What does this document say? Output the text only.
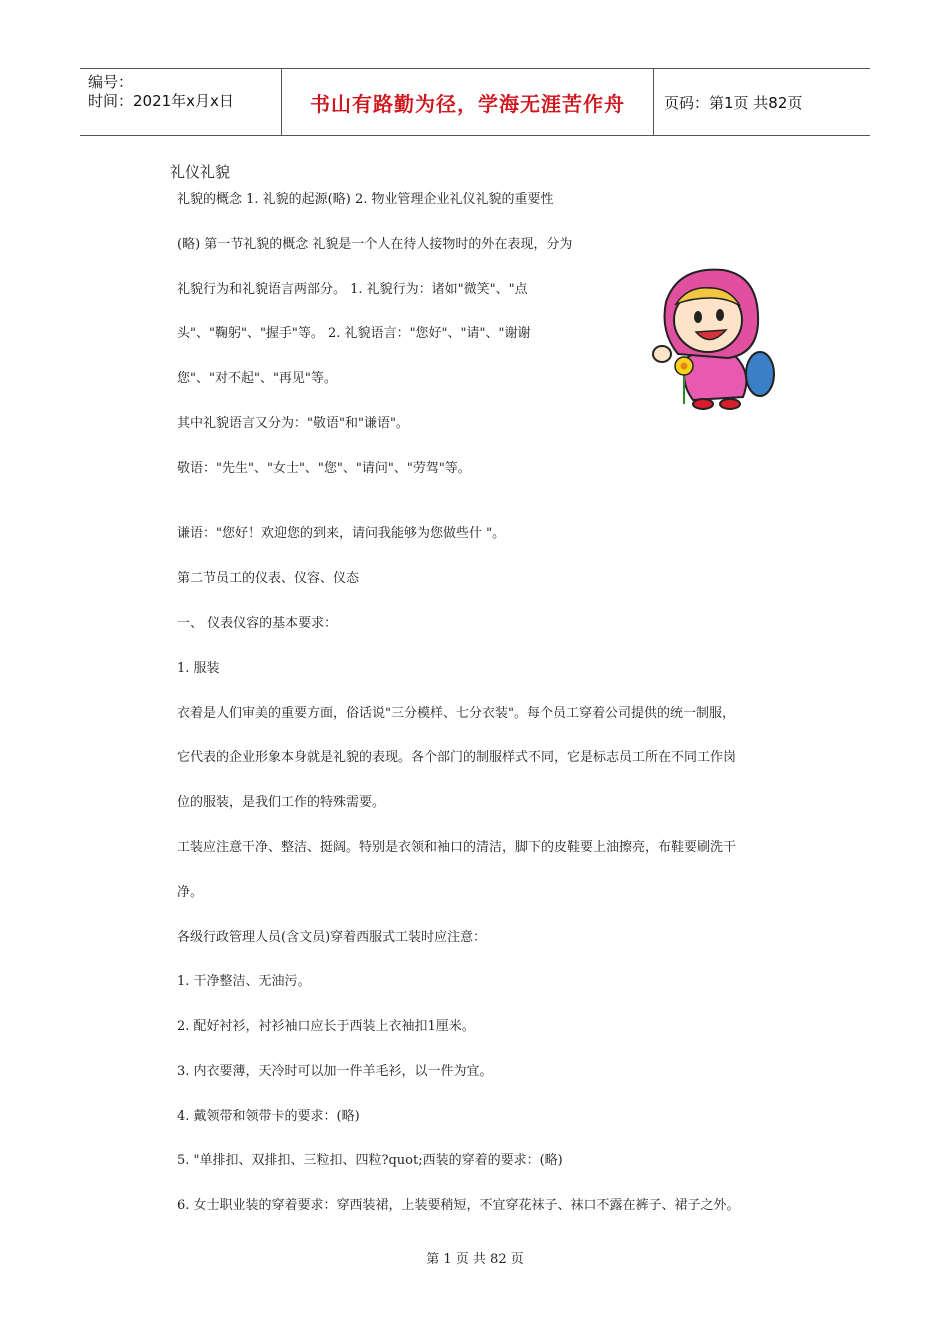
编号：
时间：2021年x月x日	书山有路勤为径，学海无涯苦作舟	页码：第1页 共82页
礼仪礼貌
礼貌的概念 1. 礼貌的起源(略) 2. 物业管理企业礼仪礼貌的重要性
(略) 第一节礼貌的概念 礼貌是一个人在待人接物时的外在表现，分为
礼貌行为和礼貌语言两部分。 1. 礼貌行为：诸如"微笑"、"点
头"、"鞠躬"、"握手"等。 2. 礼貌语言："您好"、"请"、"谢谢
您"、"对不起"、"再见"等。
其中礼貌语言又分为："敬语"和"谦语"。
敬语："先生"、"女士"、"您"、"请问"、"劳驾"等。
谦语："您好！欢迎您的到来，请问我能够为您做些什 "。
第二节员工的仪表、仪容、仪态
一、 仪表仪容的基本要求：
1. 服装
衣着是人们审美的重要方面，俗话说"三分模样、七分衣装"。每个员工穿着公司提供的统一制服，
它代表的企业形象本身就是礼貌的表现。各个部门的制服样式不同，它是标志员工所在不同工作岗
位的服装，是我们工作的特殊需要。
工装应注意干净、整洁、挺阔。特别是衣领和袖口的清洁，脚下的皮鞋要上油擦亮，布鞋要刷洗干
净。
各级行政管理人员(含文员)穿着西服式工装时应注意：
1. 干净整洁、无油污。
2. 配好衬衫，衬衫袖口应长于西装上衣袖扣1厘米。
3. 内衣要薄，天冷时可以加一件羊毛衫，以一件为宜。
4. 戴领带和领带卡的要求：(略)
5. "单排扣、双排扣、三粒扣、四粒?quot;西装的穿着的要求：(略)
6. 女士职业装的穿着要求：穿西装裙，上装要稍短，不宜穿花袜子、袜口不露在裤子、裙子之外。
第 1 页 共 82 页
